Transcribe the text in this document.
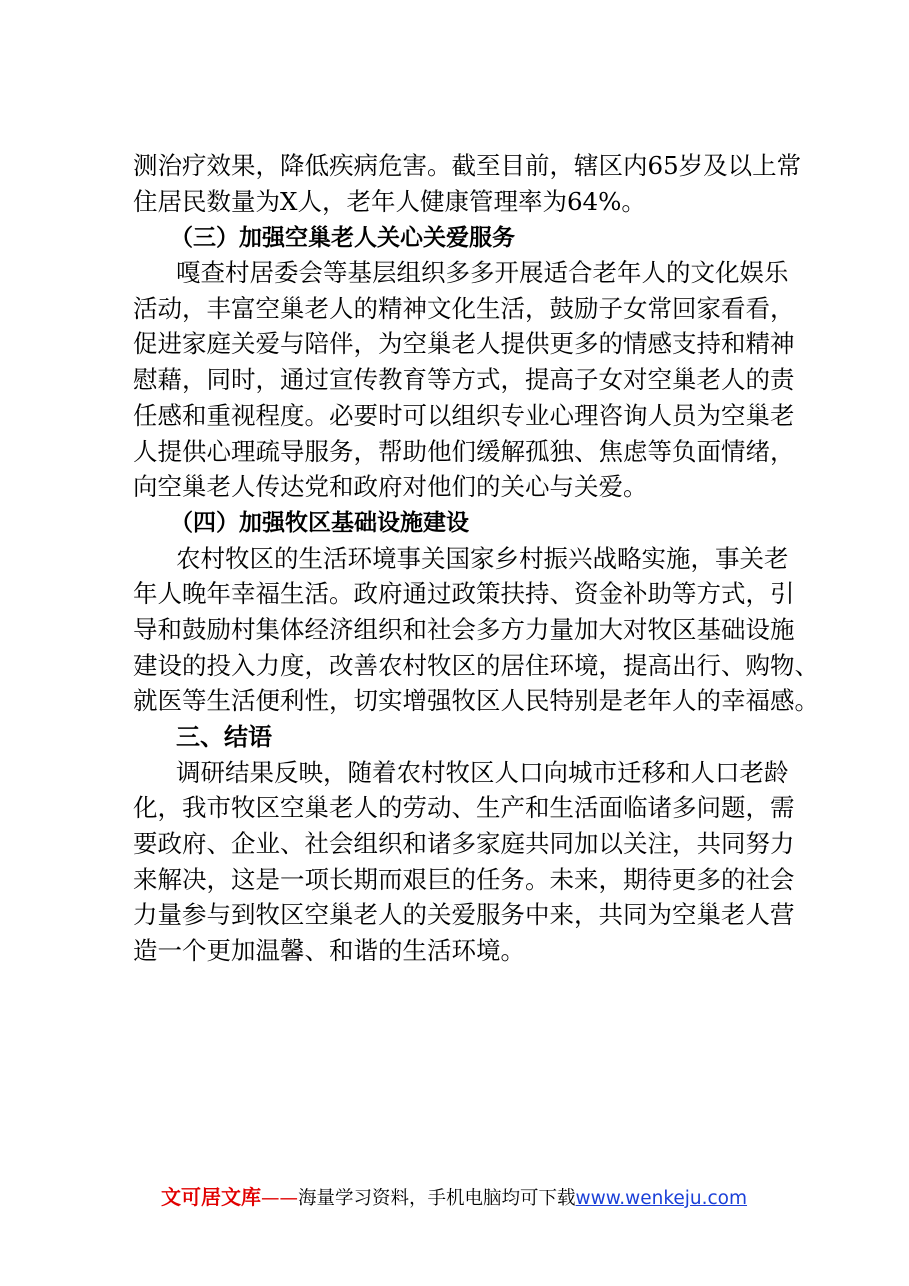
测治疗效果，降低疾病危害。截至目前，辖区内65岁及以上常
住居民数量为X人，老年人健康管理率为64%。
（三）加强空巢老人关心关爱服务
嘎查村居委会等基层组织多多开展适合老年人的文化娱乐
活动，丰富空巢老人的精神文化生活，鼓励子女常回家看看，
促进家庭关爱与陪伴，为空巢老人提供更多的情感支持和精神
慰藉，同时，通过宣传教育等方式，提高子女对空巢老人的责
任感和重视程度。必要时可以组织专业心理咨询人员为空巢老
人提供心理疏导服务，帮助他们缓解孤独、焦虑等负面情绪，
向空巢老人传达党和政府对他们的关心与关爱。
（四）加强牧区基础设施建设
农村牧区的生活环境事关国家乡村振兴战略实施，事关老
年人晚年幸福生活。政府通过政策扶持、资金补助等方式，引
导和鼓励村集体经济组织和社会多方力量加大对牧区基础设施
建设的投入力度，改善农村牧区的居住环境，提高出行、购物、
就医等生活便利性，切实增强牧区人民特别是老年人的幸福感。
三、结语
调研结果反映，随着农村牧区人口向城市迁移和人口老龄
化，我市牧区空巢老人的劳动、生产和生活面临诸多问题，需
要政府、企业、社会组织和诸多家庭共同加以关注，共同努力
来解决，这是一项长期而艰巨的任务。未来，期待更多的社会
力量参与到牧区空巢老人的关爱服务中来，共同为空巢老人营
造一个更加温馨、和谐的生活环境。
文可居文库——海量学习资料，手机电脑均可下载www.wenkeju.com
